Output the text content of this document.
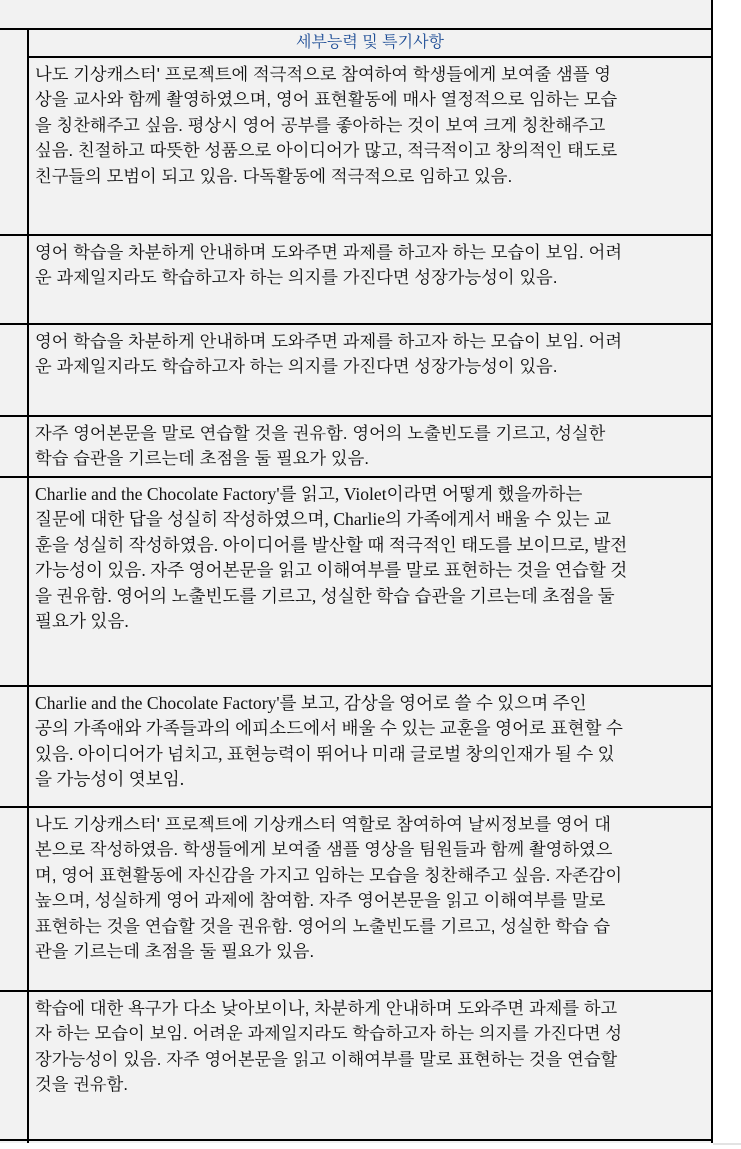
세부능력 및 특기사항
나도 기상캐스터' 프로젝트에 적극적으로 참여하여 학생들에게 보여줄 샘플 영
상을 교사와 함께 촬영하였으며, 영어 표현활동에 매사 열정적으로 임하는 모습
을 칭찬해주고 싶음. 평상시 영어 공부를 좋아하는 것이 보여 크게 칭찬해주고
싶음. 친절하고 따뜻한 성품으로 아이디어가 많고, 적극적이고 창의적인 태도로
친구들의 모범이 되고 있음. 다독활동에 적극적으로 임하고 있음.
영어 학습을 차분하게 안내하며 도와주면 과제를 하고자 하는 모습이 보임. 어려
운 과제일지라도 학습하고자 하는 의지를 가진다면 성장가능성이 있음.
영어 학습을 차분하게 안내하며 도와주면 과제를 하고자 하는 모습이 보임. 어려
운 과제일지라도 학습하고자 하는 의지를 가진다면 성장가능성이 있음.
자주 영어본문을 말로 연습할 것을 권유함. 영어의 노출빈도를 기르고, 성실한
학습 습관을 기르는데 초점을 둘 필요가 있음.
Charlie and the Chocolate Factory'를 읽고, Violet이라면 어떻게 했을까하는
질문에 대한 답을 성실히 작성하였으며, Charlie의 가족에게서 배울 수 있는 교
훈을 성실히 작성하였음. 아이디어를 발산할 때 적극적인 태도를 보이므로, 발전
가능성이 있음. 자주 영어본문을 읽고 이해여부를 말로 표현하는 것을 연습할 것
을 권유함. 영어의 노출빈도를 기르고, 성실한 학습 습관을 기르는데 초점을 둘
필요가 있음.
Charlie and the Chocolate Factory'를 보고, 감상을 영어로 쓸 수 있으며 주인
공의 가족애와 가족들과의 에피소드에서 배울 수 있는 교훈을 영어로 표현할 수
있음. 아이디어가 넘치고, 표현능력이 뛰어나 미래 글로벌 창의인재가 될 수 있
을 가능성이 엿보임.
나도 기상캐스터' 프로젝트에 기상캐스터 역할로 참여하여 날씨정보를 영어 대
본으로 작성하였음. 학생들에게 보여줄 샘플 영상을 팀원들과 함께 촬영하였으
며, 영어 표현활동에 자신감을 가지고 임하는 모습을 칭찬해주고 싶음. 자존감이
높으며, 성실하게 영어 과제에 참여함. 자주 영어본문을 읽고 이해여부를 말로
표현하는 것을 연습할 것을 권유함. 영어의 노출빈도를 기르고, 성실한 학습 습
관을 기르는데 초점을 둘 필요가 있음.
학습에 대한 욕구가 다소 낮아보이나, 차분하게 안내하며 도와주면 과제를 하고
자 하는 모습이 보임. 어려운 과제일지라도 학습하고자 하는 의지를 가진다면 성
장가능성이 있음. 자주 영어본문을 읽고 이해여부를 말로 표현하는 것을 연습할
것을 권유함.
